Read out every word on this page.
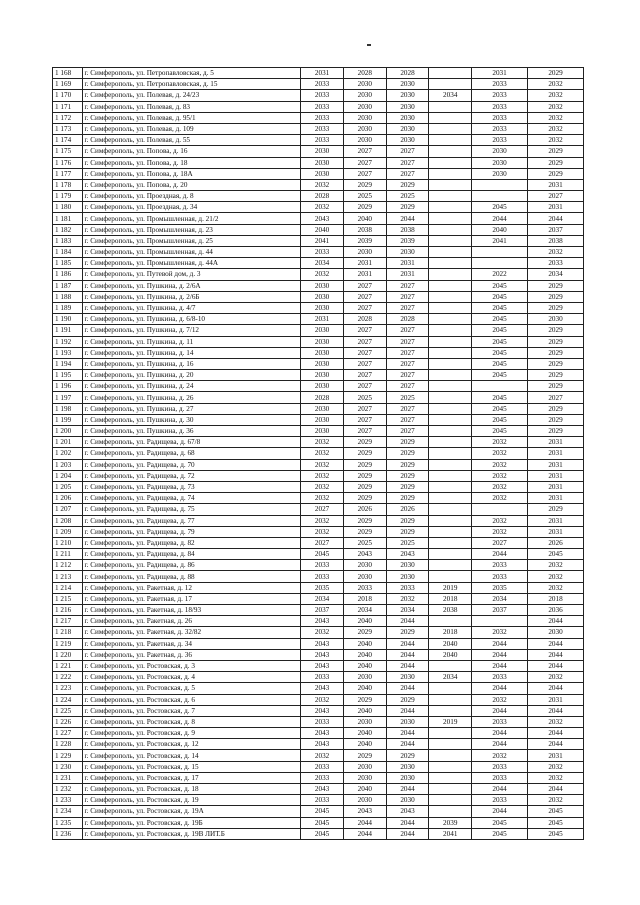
1 168	г. Симферополь, ул. Петропавловская, д. 5	2031	2028	2028		2031	2029
1 169	г. Симферополь, ул. Петропавловская, д. 15	2033	2030	2030		2033	2032
1 170	г. Симферополь, ул. Полевая, д. 24/23	2033	2030	2030	2034	2033	2032
1 171	г. Симферополь, ул. Полевая, д. 83	2033	2030	2030		2033	2032
1 172	г. Симферополь, ул. Полевая, д. 95/1	2033	2030	2030		2033	2032
1 173	г. Симферополь, ул. Полевая, д. 109	2033	2030	2030		2033	2032
1 174	г. Симферополь, ул. Полевая, д. 55	2033	2030	2030		2033	2032
1 175	г. Симферополь, ул. Попова, д. 16	2030	2027	2027		2030	2029
1 176	г. Симферополь, ул. Попова, д. 18	2030	2027	2027		2030	2029
1 177	г. Симферополь, ул. Попова, д. 18А	2030	2027	2027		2030	2029
1 178	г. Симферополь, ул. Попова, д. 20	2032	2029	2029			2031
1 179	г. Симферополь, ул. Проездная, д. 8	2028	2025	2025			2027
1 180	г. Симферополь, ул. Проездная, д. 34	2032	2029	2029		2045	2031
1 181	г. Симферополь, ул. Промышленная, д. 21/2	2043	2040	2044		2044	2044
1 182	г. Симферополь, ул. Промышленная, д. 23	2040	2038	2038		2040	2037
1 183	г. Симферополь, ул. Промышленная, д. 25	2041	2039	2039		2041	2038
1 184	г. Симферополь, ул. Промышленная, д. 44	2033	2030	2030			2032
1 185	г. Симферополь, ул. Промышленная, д. 44А	2034	2031	2031			2033
1 186	г. Симферополь, ул. Путевой дом, д. 3	2032	2031	2031		2022	2034
1 187	г. Симферополь, ул. Пушкина, д. 2/6А	2030	2027	2027		2045	2029
1 188	г. Симферополь, ул. Пушкина, д. 2/6Б	2030	2027	2027		2045	2029
1 189	г. Симферополь, ул. Пушкина, д. 4/7	2030	2027	2027		2045	2029
1 190	г. Симферополь, ул. Пушкина, д. 6/8-10	2031	2028	2028		2045	2030
1 191	г. Симферополь, ул. Пушкина, д. 7/12	2030	2027	2027		2045	2029
1 192	г. Симферополь, ул. Пушкина, д. 11	2030	2027	2027		2045	2029
1 193	г. Симферополь, ул. Пушкина, д. 14	2030	2027	2027		2045	2029
1 194	г. Симферополь, ул. Пушкина, д. 16	2030	2027	2027		2045	2029
1 195	г. Симферополь, ул. Пушкина, д. 20	2030	2027	2027		2045	2029
1 196	г. Симферополь, ул. Пушкина, д. 24	2030	2027	2027			2029
1 197	г. Симферополь, ул. Пушкина, д. 26	2028	2025	2025		2045	2027
1 198	г. Симферополь, ул. Пушкина, д. 27	2030	2027	2027		2045	2029
1 199	г. Симферополь, ул. Пушкина, д. 30	2030	2027	2027		2045	2029
1 200	г. Симферополь, ул. Пушкина, д. 36	2030	2027	2027		2045	2029
1 201	г. Симферополь, ул. Радищева, д. 67/8	2032	2029	2029		2032	2031
1 202	г. Симферополь, ул. Радищева, д. 68	2032	2029	2029		2032	2031
1 203	г. Симферополь, ул. Радищева, д. 70	2032	2029	2029		2032	2031
1 204	г. Симферополь, ул. Радищева, д. 72	2032	2029	2029		2032	2031
1 205	г. Симферополь, ул. Радищева, д. 73	2032	2029	2029		2032	2031
1 206	г. Симферополь, ул. Радищева, д. 74	2032	2029	2029		2032	2031
1 207	г. Симферополь, ул. Радищева, д. 75	2027	2026	2026			2029
1 208	г. Симферополь, ул. Радищева, д. 77	2032	2029	2029		2032	2031
1 209	г. Симферополь, ул. Радищева, д. 79	2032	2029	2029		2032	2031
1 210	г. Симферополь, ул. Радищева, д. 82	2027	2025	2025		2027	2026
1 211	г. Симферополь, ул. Радищева, д. 84	2045	2043	2043		2044	2045
1 212	г. Симферополь, ул. Радищева, д. 86	2033	2030	2030		2033	2032
1 213	г. Симферополь, ул. Радищева, д. 88	2033	2030	2030		2033	2032
1 214	г. Симферополь, ул. Ракетная, д. 12	2035	2033	2033	2019	2035	2032
1 215	г. Симферополь, ул. Ракетная, д. 17	2034	2018	2032	2018	2034	2018
1 216	г. Симферополь, ул. Ракетная, д. 18/93	2037	2034	2034	2038	2037	2036
1 217	г. Симферополь, ул. Ракетная, д. 26	2043	2040	2044			2044
1 218	г. Симферополь, ул. Ракетная, д. 32/82	2032	2029	2029	2018	2032	2030
1 219	г. Симферополь, ул. Ракетная, д. 34	2043	2040	2044	2040	2044	2044
1 220	г. Симферополь, ул. Ракетная, д. 36	2043	2040	2044	2040	2044	2044
1 221	г. Симферополь, ул. Ростовская, д. 3	2043	2040	2044		2044	2044
1 222	г. Симферополь, ул. Ростовская, д. 4	2033	2030	2030	2034	2033	2032
1 223	г. Симферополь, ул. Ростовская, д. 5	2043	2040	2044		2044	2044
1 224	г. Симферополь, ул. Ростовская, д. 6	2032	2029	2029		2032	2031
1 225	г. Симферополь, ул. Ростовская, д. 7	2043	2040	2044		2044	2044
1 226	г. Симферополь, ул. Ростовская, д. 8	2033	2030	2030	2019	2033	2032
1 227	г. Симферополь, ул. Ростовская, д. 9	2043	2040	2044		2044	2044
1 228	г. Симферополь, ул. Ростовская, д. 12	2043	2040	2044		2044	2044
1 229	г. Симферополь, ул. Ростовская, д. 14	2032	2029	2029		2032	2031
1 230	г. Симферополь, ул. Ростовская, д. 15	2033	2030	2030		2033	2032
1 231	г. Симферополь, ул. Ростовская, д. 17	2033	2030	2030		2033	2032
1 232	г. Симферополь, ул. Ростовская, д. 18	2043	2040	2044		2044	2044
1 233	г. Симферополь, ул. Ростовская, д. 19	2033	2030	2030		2033	2032
1 234	г. Симферополь, ул. Ростовская, д. 19А	2045	2043	2043		2044	2045
1 235	г. Симферополь, ул. Ростовская, д. 19Б	2045	2044	2044	2039	2045	2045
1 236	г. Симферополь, ул. Ростовская, д. 19В ЛИТ.Б	2045	2044	2044	2041	2045	2045
